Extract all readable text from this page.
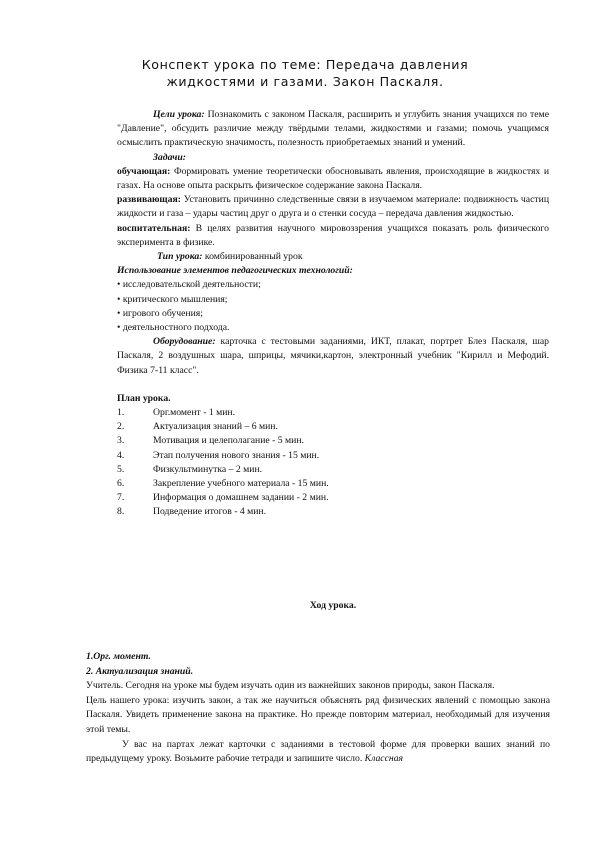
Конспект урока по теме: Передача давления жидкостями и газами. Закон Паскаля.

Цели урока: Познакомить с законом Паскаля, расширить и углубить знания учащихся по теме "Давление", обсудить различие между твёрдыми телами, жидкостями и газами; помочь учащимся осмыслить практическую значимость, полезность приобретаемых знаний и умений.

Задачи:

обучающая: Формировать умение теоретически обосновывать явления, происходящие в жидкостях и газах. На основе опыта раскрыть физическое содержание закона Паскаля.

развивающая: Установить причинно следственные связи в изучаемом материале: подвижность частиц жидкости и газа – удары частиц друг о друга и о стенки сосуда – передача давления жидкостью.

воспитательная: В целях развития научного мировоззрения учащихся показать роль физического эксперимента в физике.

Тип урока: комбинированный урок

Использование элементов педагогических технологий:

• исследовательской деятельности;

• критического мышления;

• игрового обучения;

• деятельностного подхода.

Оборудование: карточка с тестовыми заданиями, ИКТ, плакат, портрет Блез Паскаля, шар Паскаля, 2 воздушных шара, шприцы, мячики,картон, электронный учебник "Кирилл и Мефодий. Физика 7-11 класс".

План урока.

1.	Орг.момент - 1 мин.
2.	Актуализация знаний – 6 мин.
3.	Мотивация и целеполагание - 5 мин.
4.	Этап получения нового знания - 15 мин.
5.	Физкультминутка – 2 мин.
6.	Закрепление учебного материала - 15 мин.
7.	Информация о домашнем задании - 2 мин.
8.	Подведение итогов - 4 мин.
Ход урока.

1.Орг. момент.

2. Актуализация знаний.

Учитель. Сегодня на уроке мы будем изучать один из важнейших законов природы, закон Паскаля.

Цель нашего урока: изучить закон, а так же научиться объяснять ряд физических явлений с помощью закона Паскаля. Увидеть применение закона на практике. Но прежде повторим материал, необходимый для изучения этой темы.

У вас на партах лежат карточки с заданиями в тестовой форме для проверки ваших знаний по предыдущему уроку. Возьмите рабочие тетради и запишите число. Классная
